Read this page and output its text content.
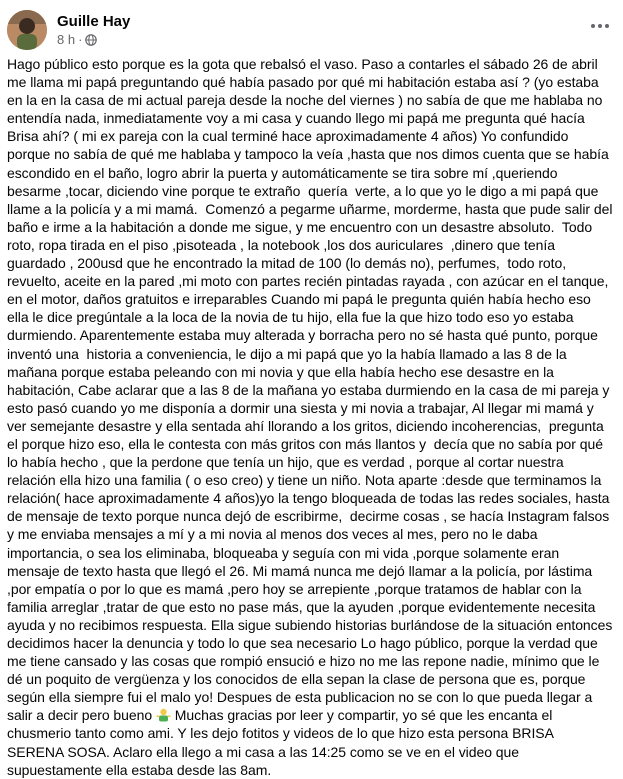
Guille Hay
8 h ·
Hago público esto porque es la gota que rebalsó el vaso. Paso a contarles el sábado 26 de abril me llama mi papá preguntando qué había pasado por qué mi habitación estaba así ? (yo estaba en la en la casa de mi actual pareja desde la noche del viernes ) no sabía de que me hablaba no entendía nada, inmediatamente voy a mi casa y cuando llego mi papá me pregunta qué hacía Brisa ahí? ( mi ex pareja con la cual terminé hace aproximadamente 4 años) Yo confundido porque no sabía de qué me hablaba y tampoco la veía ,hasta que nos dimos cuenta que se había escondido en el baño, logro abrir la puerta y automáticamente se tira sobre mí ,queriendo besarme ,tocar, diciendo vine porque te extraño  quería  verte, a lo que yo le digo a mi papá que llame a la policía y a mi mamá.  Comenzó a pegarme uñarme, morderme, hasta que pude salir del baño e irme a la habitación a donde me sigue, y me encuentro con un desastre absoluto.  Todo roto, ropa tirada en el piso ,pisoteada , la notebook ,los dos auriculares  ,dinero que tenía guardado , 200usd que he encontrado la mitad de 100 (lo demás no), perfumes,  todo roto, revuelto, aceite en la pared ,mi moto con partes recién pintadas rayada , con azúcar en el tanque, en el motor, daños gratuitos e irreparables Cuando mi papá le pregunta quién había hecho eso ella le dice pregúntale a la loca de la novia de tu hijo, ella fue la que hizo todo eso yo estaba durmiendo. Aparentemente estaba muy alterada y borracha pero no sé hasta qué punto, porque inventó una  historia a conveniencia, le dijo a mi papá que yo la había llamado a las 8 de la mañana porque estaba peleando con mi novia y que ella había hecho ese desastre en la habitación, Cabe aclarar que a las 8 de la mañana yo estaba durmiendo en la casa de mi pareja y esto pasó cuando yo me disponía a dormir una siesta y mi novia a trabajar, Al llegar mi mamá y ver semejante desastre y ella sentada ahí llorando a los gritos, diciendo incoherencias,  pregunta el porque hizo eso, ella le contesta con más gritos con más llantos y  decía que no sabía por qué lo había hecho , que la perdone que tenía un hijo, que es verdad , porque al cortar nuestra relación ella hizo una familia ( o eso creo) y tiene un niño. Nota aparte :desde que terminamos la relación( hace aproximadamente 4 años)yo la tengo bloqueada de todas las redes sociales, hasta de mensaje de texto porque nunca dejó de escribirme,  decirme cosas , se hacía Instagram falsos y me enviaba mensajes a mí y a mi novia al menos dos veces al mes, pero no le daba importancia, o sea los eliminaba, bloqueaba y seguía con mi vida ,porque solamente eran mensaje de texto hasta que llegó el 26. Mi mamá nunca me dejó llamar a la policía, por lástima ,por empatía o por lo que es mamá ,pero hoy se arrepiente ,porque tratamos de hablar con la familia arreglar ,tratar de que esto no pase más, que la ayuden ,porque evidentemente necesita ayuda y no recibimos respuesta. Ella sigue subiendo historias burlándose de la situación entonces decidimos hacer la denuncia y todo lo que sea necesario Lo hago público, porque la verdad que me tiene cansado y las cosas que rompió ensució e hizo no me las repone nadie, mínimo que le dé un poquito de vergüenza y los conocidos de ella sepan la clase de persona que es, porque según ella siempre fui el malo yo! Despues de esta publicacion no se con lo que pueda llegar a salir a decir pero bueno  Muchas gracias por leer y compartir, yo sé que les encanta el chusmerio tanto como ami. Y les dejo fotitos y videos de lo que hizo esta persona BRISA SERENA SOSA. Aclaro ella llego a mi casa a las 14:25 como se ve en el video que supuestamente ella estaba desde las 8am.
